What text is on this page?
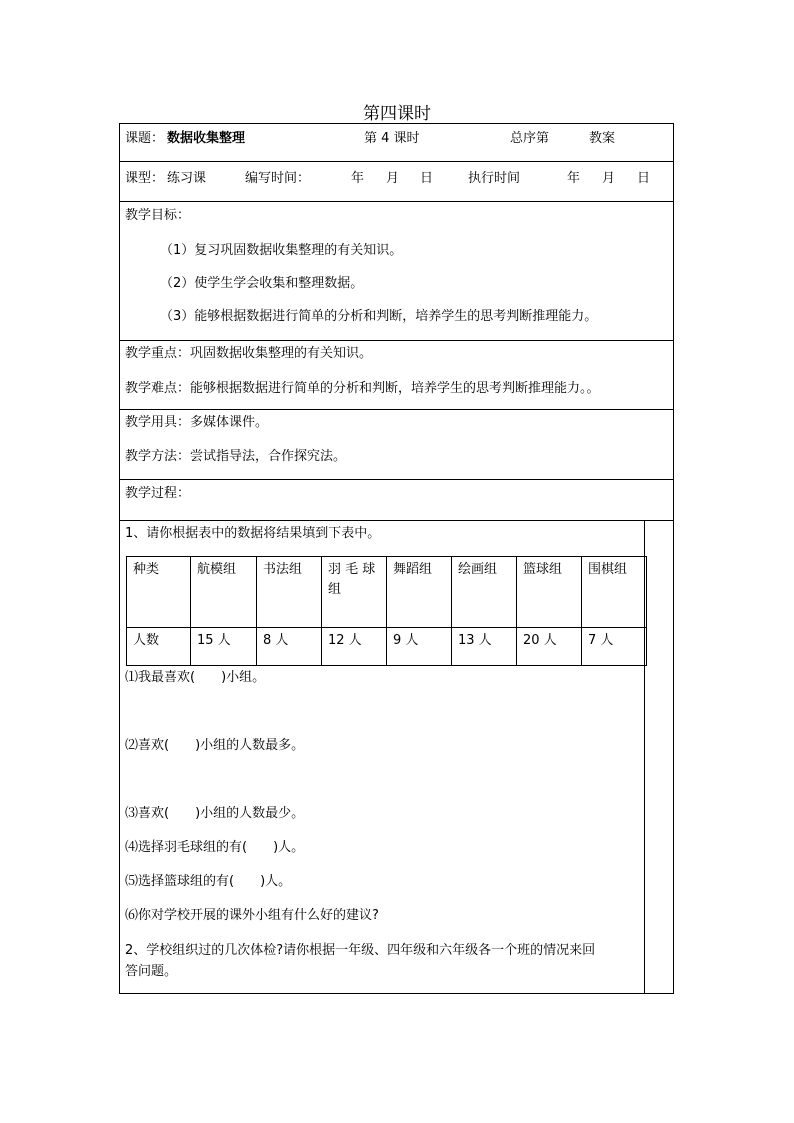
第四课时
课题： 数据收集整理	第 4 课时	总序第	教案
课型： 练习课	编写时间：	年 月 日	执行时间	年 月 日
教学目标：
（1）复习巩固数据收集整理的有关知识。
（2）使学生学会收集和整理数据。
（3）能够根据数据进行简单的分析和判断，培养学生的思考判断推理能力。
教学重点：巩固数据收集整理的有关知识。
教学难点：能够根据数据进行简单的分析和判断，培养学生的思考判断推理能力。。
教学用具：多媒体课件。
教学方法：尝试指导法，合作探究法。
教学过程：
1、请你根据表中的数据将结果填到下表中。
种类	航模组	书法组	羽 毛 球组	舞蹈组	绘画组	篮球组	围棋组
人数	15 人	8 人	12 人	9 人	13 人	20 人	7 人
⑴我最喜欢(　　)小组。
⑵喜欢(　　)小组的人数最多。
⑶喜欢(　　)小组的人数最少。
⑷选择羽毛球组的有(　　)人。
⑸选择篮球组的有(　　)人。
⑹你对学校开展的课外小组有什么好的建议?
2、学校组织过的几次体检?请你根据一年级、四年级和六年级各一个班的情况来回
答问题。
